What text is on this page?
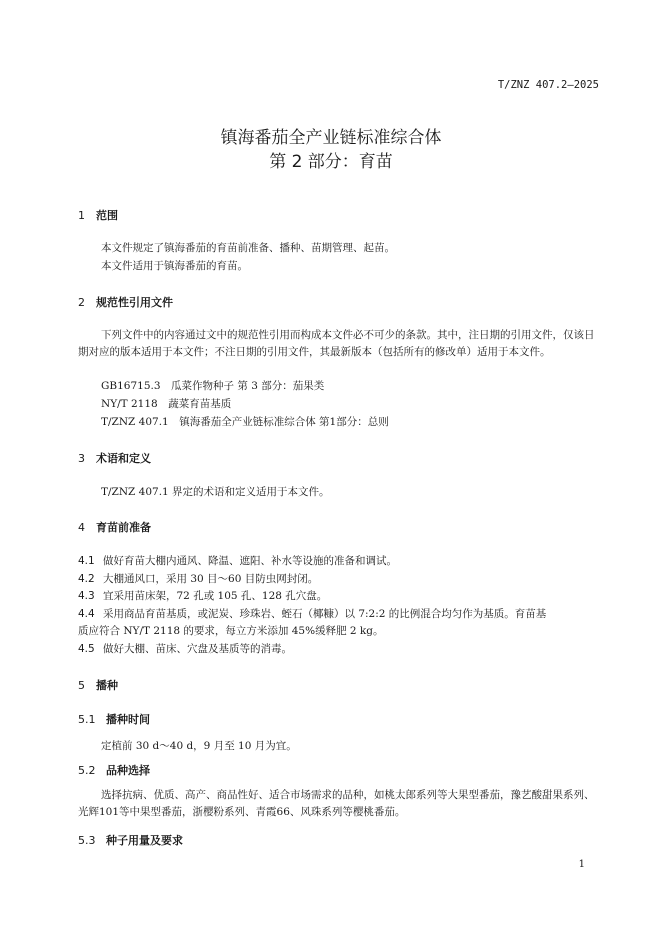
T/ZNZ 407.2—2025
镇海番茄全产业链标准综合体
第 2 部分：育苗
1 范围
本文件规定了镇海番茄的育苗前准备、播种、苗期管理、起苗。
本文件适用于镇海番茄的育苗。
2 规范性引用文件
下列文件中的内容通过文中的规范性引用而构成本文件必不可少的条款。其中，注日期的引用文件，仅该日期对应的版本适用于本文件；不注日期的引用文件，其最新版本（包括所有的修改单）适用于本文件。
GB16715.3　瓜菜作物种子 第 3 部分：茄果类
NY/T 2118　蔬菜育苗基质
T/ZNZ 407.1　镇海番茄全产业链标准综合体 第1部分：总则
3 术语和定义
T/ZNZ 407.1 界定的术语和定义适用于本文件。
4 育苗前准备
4.1 做好育苗大棚内通风、降温、遮阳、补水等设施的准备和调试。
4.2 大棚通风口，采用 30 目～60 目防虫网封闭。
4.3 宜采用苗床架，72 孔或 105 孔、128 孔穴盘。
4.4 采用商品育苗基质，或泥炭、珍珠岩、蛭石（椰糠）以 7:2:2 的比例混合均匀作为基质。育苗基
质应符合 NY/T 2118 的要求，每立方米添加 45%缓释肥 2 kg。
4.5 做好大棚、苗床、穴盘及基质等的消毒。
5 播种
5.1 播种时间
定植前 30 d～40 d，9 月至 10 月为宜。
5.2 品种选择
选择抗病、优质、高产、商品性好、适合市场需求的品种，如桃太郎系列等大果型番茄，豫艺酸甜果系列、光辉101等中果型番茄，浙樱粉系列、青霞66、风珠系列等樱桃番茄。
5.3 种子用量及要求
1
